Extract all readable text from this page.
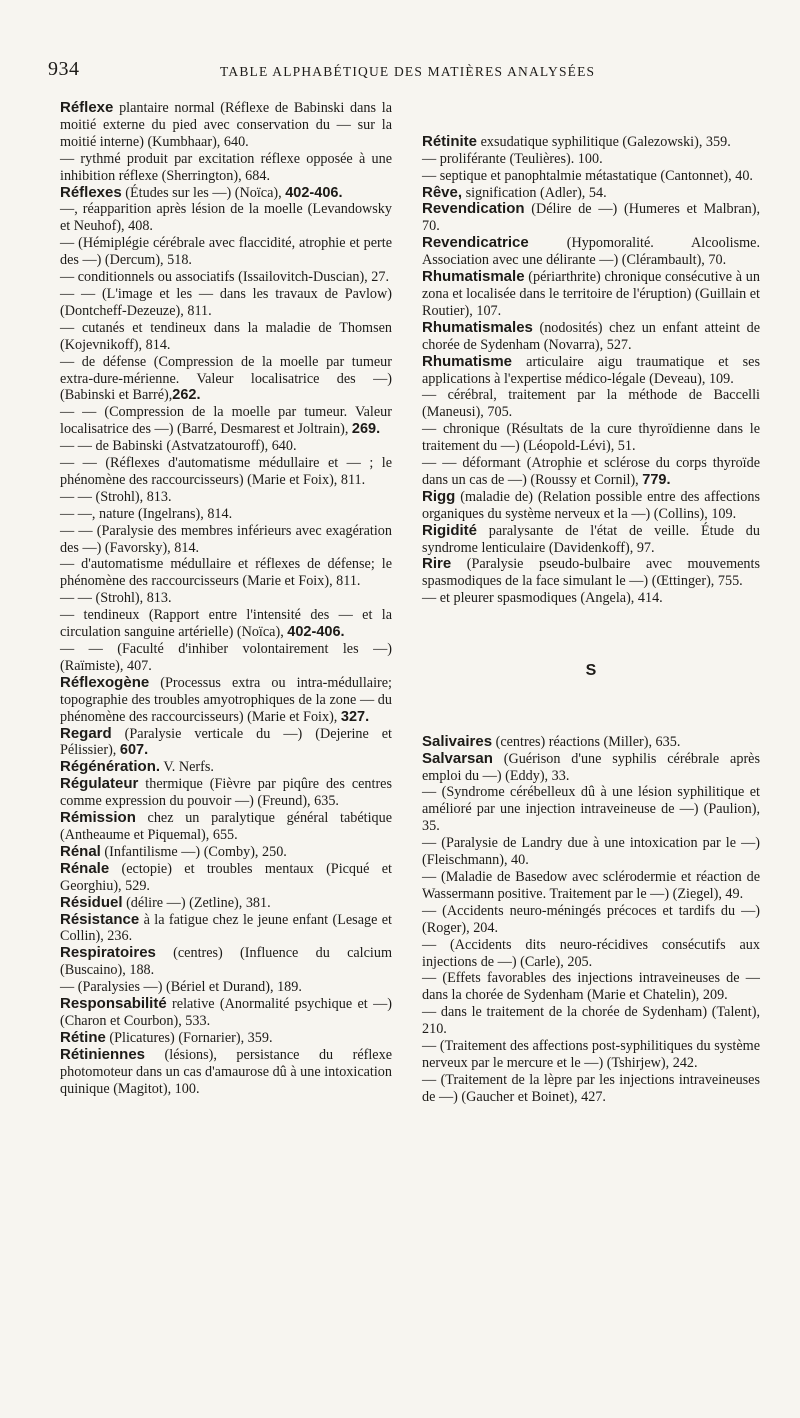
934	TABLE ALPHABÉTIQUE DES MATIÈRES ANALYSÉES

Réflexe plantaire normal (Réflexe de Babinski dans la moitié externe du pied avec conservation du — sur la moitié interne) (Kumbhaar), 640.

— rythmé produit par excitation réflexe opposée à une inhibition réflexe (Sherrington), 684.

Réflexes (Études sur les —) (Noïca), 402-406.

—, réapparition après lésion de la moelle (Levandowsky et Neuhof), 408.

— (Hémiplégie cérébrale avec flaccidité, atrophie et perte des —) (Dercum), 518.

— conditionnels ou associatifs (Issailovitch-Duscian), 27.

— — (L'image et les — dans les travaux de Pavlow) (Dontcheff-Dezeuze), 811.

— cutanés et tendineux dans la maladie de Thomsen (Kojevnikoff), 814.

— de défense (Compression de la moelle par tumeur extra-dure-mérienne. Valeur localisatrice des —) (Babinski et Barré),262.

— — (Compression de la moelle par tumeur. Valeur localisatrice des —) (Barré, Desmarest et Joltrain), 269.

— — de Babinski (Astvatzatouroff), 640.

— — (Réflexes d'automatisme médullaire et — ; le phénomène des raccourcisseurs) (Marie et Foix), 811.

— — (Strohl), 813.

— —, nature (Ingelrans), 814.

— — (Paralysie des membres inférieurs avec exagération des —) (Favorsky), 814.

— d'automatisme médullaire et réflexes de défense; le phénomène des raccourcisseurs (Marie et Foix), 811.

— — (Strohl), 813.

— tendineux (Rapport entre l'intensité des — et la circulation sanguine artérielle) (Noïca), 402-406.

— — (Faculté d'inhiber volontairement les —) (Raïmiste), 407.

Réflexogène (Processus extra ou intra-médullaire; topographie des troubles amyotrophiques de la zone — du phénomène des raccourcisseurs) (Marie et Foix), 327.

Regard (Paralysie verticale du —) (Dejerine et Pélissier), 607.

Régénération. V. Nerfs.

Régulateur thermique (Fièvre par piqûre des centres comme expression du pouvoir —) (Freund), 635.

Rémission chez un paralytique général tabétique (Antheaume et Piquemal), 655.

Rénal (Infantilisme —) (Comby), 250.

Rénale (ectopie) et troubles mentaux (Picqué et Georghiu), 529.

Résiduel (délire —) (Zetline), 381.

Résistance à la fatigue chez le jeune enfant (Lesage et Collin), 236.

Respiratoires (centres) (Influence du calcium (Buscaino), 188.

— (Paralysies —) (Bériel et Durand), 189.

Responsabilité relative (Anormalité psychique et —) (Charon et Courbon), 533.

Rétine (Plicatures) (Fornarier), 359.

Rétiniennes (lésions), persistance du réflexe photomoteur dans un cas d'amaurose dû à une intoxication quinique (Magitot), 100.

Rétinite exsudatique syphilitique (Galezowski), 359.

— proliférante (Teulières). 100.

— septique et panophtalmie métastatique (Cantonnet), 40.

Rêve, signification (Adler), 54.

Revendication (Délire de —) (Humeres et Malbran), 70.

Revendicatrice (Hypomoralité. Alcoolisme. Association avec une délirante —) (Clérambault), 70.

Rhumatismale (périarthrite) chronique consécutive à un zona et localisée dans le territoire de l'éruption) (Guillain et Routier), 107.

Rhumatismales (nodosités) chez un enfant atteint de chorée de Sydenham (Novarra), 527.

Rhumatisme articulaire aigu traumatique et ses applications à l'expertise médico-légale (Deveau), 109.

— cérébral, traitement par la méthode de Baccelli (Maneusi), 705.

— chronique (Résultats de la cure thyroïdienne dans le traitement du —) (Léopold-Lévi), 51.

— — déformant (Atrophie et sclérose du corps thyroïde dans un cas de —) (Roussy et Cornil), 779.

Rigg (maladie de) (Relation possible entre des affections organiques du système nerveux et la —) (Collins), 109.

Rigidité paralysante de l'état de veille. Étude du syndrome lenticulaire (Davidenkoff), 97.

Rire (Paralysie pseudo-bulbaire avec mouvements spasmodiques de la face simulant le —) (Œttinger), 755.

— et pleurer spasmodiques (Angela), 414.

S

Salivaires (centres) réactions (Miller), 635.

Salvarsan (Guérison d'une syphilis cérébrale après emploi du —) (Eddy), 33.

— (Syndrome cérébelleux dû à une lésion syphilitique et amélioré par une injection intraveineuse de —) (Paulion), 35.

— (Paralysie de Landry due à une intoxication par le —) (Fleischmann), 40.

— (Maladie de Basedow avec sclérodermie et réaction de Wassermann positive. Traitement par le —) (Ziegel), 49.

— (Accidents neuro-méningés précoces et tardifs du —) (Roger), 204.

— (Accidents dits neuro-récidives consécutifs aux injections de —) (Carle), 205.

— (Effets favorables des injections intraveineuses de — dans la chorée de Sydenham (Marie et Chatelin), 209.

— dans le traitement de la chorée de Sydenham) (Talent), 210.

— (Traitement des affections post-syphilitiques du système nerveux par le mercure et le —) (Tshirjew), 242.

— (Traitement de la lèpre par les injections intraveineuses de —) (Gaucher et Boinet), 427.
